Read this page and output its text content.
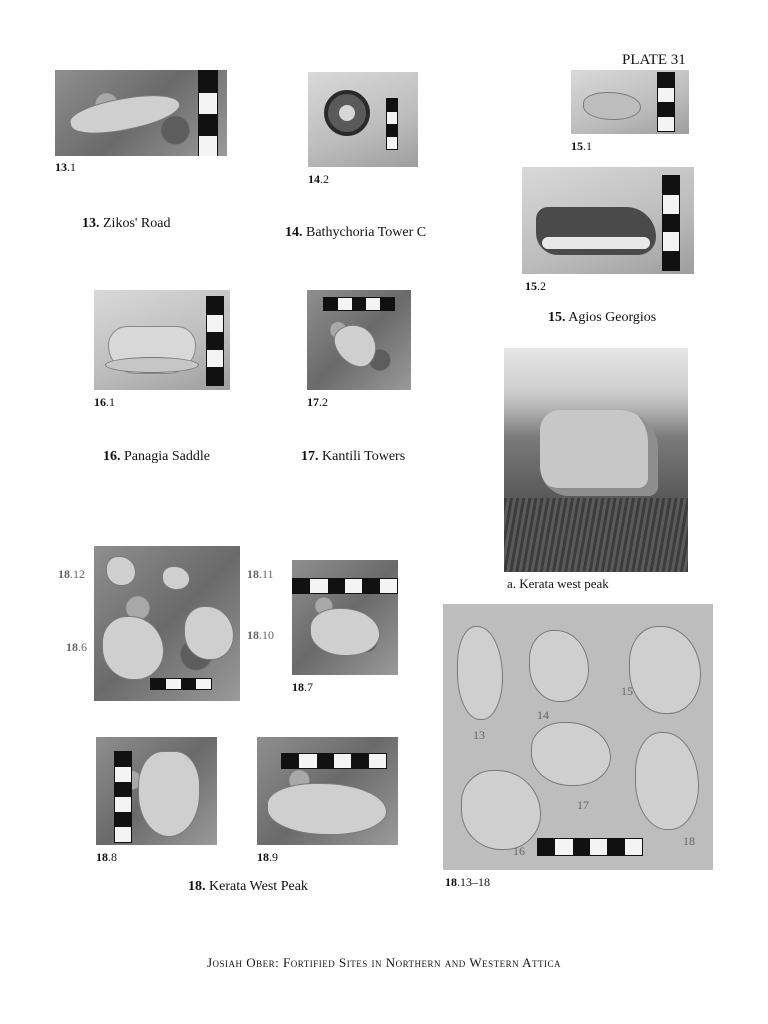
PLATE 31
13.1
13. Zikos' Road
14.2
14. Bathychoria Tower C
15.1
15.2
15. Agios Georgios
16.1
16. Panagia Saddle
17.2
17. Kantili Towers
a. Kerata west peak
18.12
18.6
18.11
18.10
18.7
13
14
15
16
17
18
18.13–18
18.8	18.9
18. Kerata West Peak
Josiah Ober: Fortified Sites in Northern and Western Attica
